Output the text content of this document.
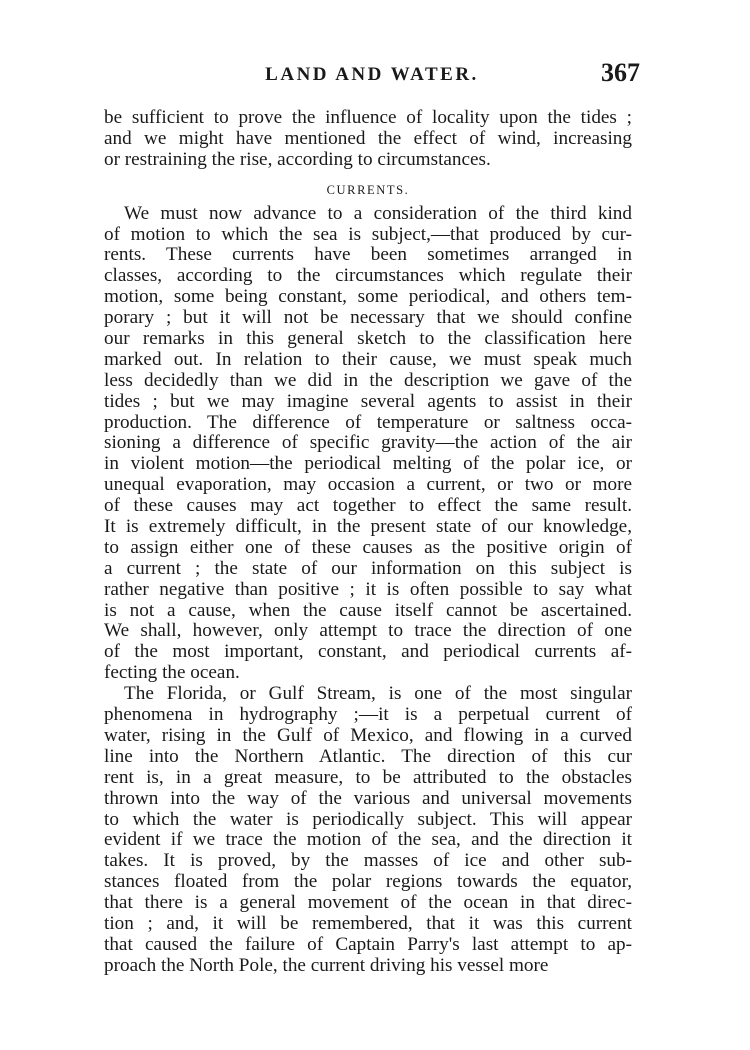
LAND AND WATER.	367
be sufficient to prove the influence of locality upon the tides ;
and we might have mentioned the effect of wind, increasing
or restraining the rise, according to circumstances.
CURRENTS.
We must now advance to a consideration of the third kind
of motion to which the sea is subject,—that produced by cur-
rents. These currents have been sometimes arranged in
classes, according to the circumstances which regulate their
motion, some being constant, some periodical, and others tem-
porary ; but it will not be necessary that we should confine
our remarks in this general sketch to the classification here
marked out. In relation to their cause, we must speak much
less decidedly than we did in the description we gave of the
tides ; but we may imagine several agents to assist in their
production. The difference of temperature or saltness occa-
sioning a difference of specific gravity—the action of the air
in violent motion—the periodical melting of the polar ice, or
unequal evaporation, may occasion a current, or two or more
of these causes may act together to effect the same result.
It is extremely difficult, in the present state of our knowledge,
to assign either one of these causes as the positive origin of
a current ; the state of our information on this subject is
rather negative than positive ; it is often possible to say what
is not a cause, when the cause itself cannot be ascertained.
We shall, however, only attempt to trace the direction of one
of the most important, constant, and periodical currents af-
fecting the ocean.
The Florida, or Gulf Stream, is one of the most singular
phenomena in hydrography ;—it is a perpetual current of
water, rising in the Gulf of Mexico, and flowing in a curved
line into the Northern Atlantic. The direction of this cur
rent is, in a great measure, to be attributed to the obstacles
thrown into the way of the various and universal movements
to which the water is periodically subject. This will appear
evident if we trace the motion of the sea, and the direction it
takes. It is proved, by the masses of ice and other sub-
stances floated from the polar regions towards the equator,
that there is a general movement of the ocean in that direc-
tion ; and, it will be remembered, that it was this current
that caused the failure of Captain Parry's last attempt to ap-
proach the North Pole, the current driving his vessel more
